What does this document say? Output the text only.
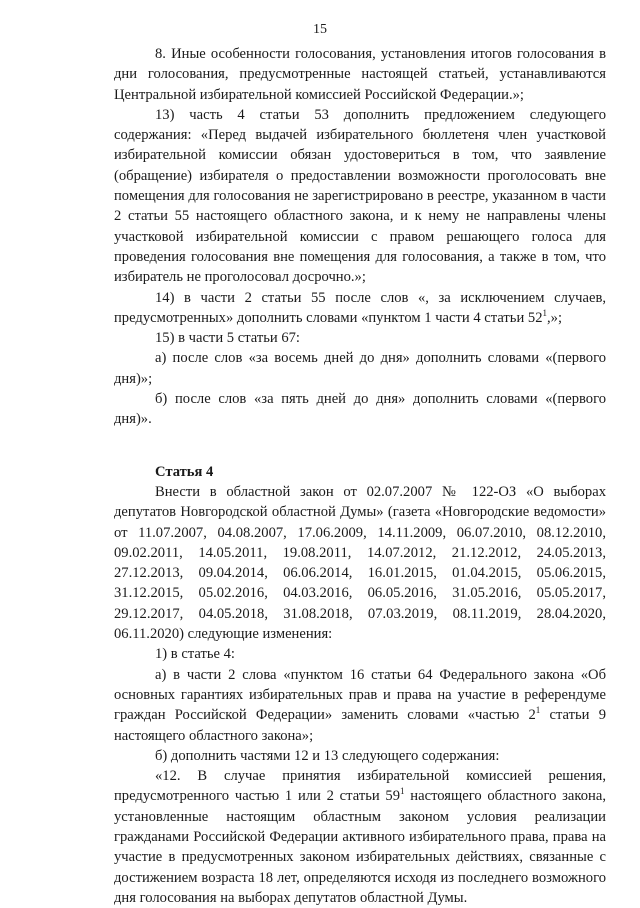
15

8. Иные особенности голосования, установления итогов голосования в дни голосования, предусмотренные настоящей статьей, устанавливаются Центральной избирательной комиссией Российской Федерации.»;

13) часть 4 статьи 53 дополнить предложением следующего содержания: «Перед выдачей избирательного бюллетеня член участковой избирательной комиссии обязан удостовериться в том, что заявление (обращение) избирателя о предоставлении возможности проголосовать вне помещения для голосования не зарегистрировано в реестре, указанном в части 2 статьи 55 настоящего областного закона, и к нему не направлены члены участковой избирательной комиссии с правом решающего голоса для проведения голосования вне помещения для голосования, а также в том, что избиратель не проголосовал досрочно.»;

14) в части 2 статьи 55 после слов «, за исключением случаев, предусмотренных» дополнить словами «пунктом 1 части 4 статьи $52^1$,»;

15) в части 5 статьи 67:

а) после слов «за восемь дней до дня» дополнить словами «(первого дня)»;

б) после слов «за пять дней до дня» дополнить словами «(первого дня)».

Статья 4

Внести в областной закон от 02.07.2007 № 122-ОЗ «О выборах депутатов Новгородской областной Думы» (газета «Новгородские ведомости» от 11.07.2007, 04.08.2007, 17.06.2009, 14.11.2009, 06.07.2010, 08.12.2010, 09.02.2011, 14.05.2011, 19.08.2011, 14.07.2012, 21.12.2012, 24.05.2013, 27.12.2013, 09.04.2014, 06.06.2014, 16.01.2015, 01.04.2015, 05.06.2015, 31.12.2015, 05.02.2016, 04.03.2016, 06.05.2016, 31.05.2016, 05.05.2017, 29.12.2017, 04.05.2018, 31.08.2018, 07.03.2019, 08.11.2019, 28.04.2020, 06.11.2020) следующие изменения:

1) в статье 4:

а) в части 2 слова «пунктом 16 статьи 64 Федерального закона «Об основных гарантиях избирательных прав и права на участие в референдуме граждан Российской Федерации» заменить словами «частью $2^1$ статьи 9 настоящего областного закона»;

б) дополнить частями 12 и 13 следующего содержания:

«12. В случае принятия избирательной комиссией решения, предусмотренного частью 1 или 2 статьи $59^1$ настоящего областного закона, установленные настоящим областным законом условия реализации гражданами Российской Федерации активного избирательного права, права на участие в предусмотренных законом избирательных действиях, связанные с достижением возраста 18 лет, определяются исходя из последнего возможного дня голосования на выборах депутатов областной Думы.
